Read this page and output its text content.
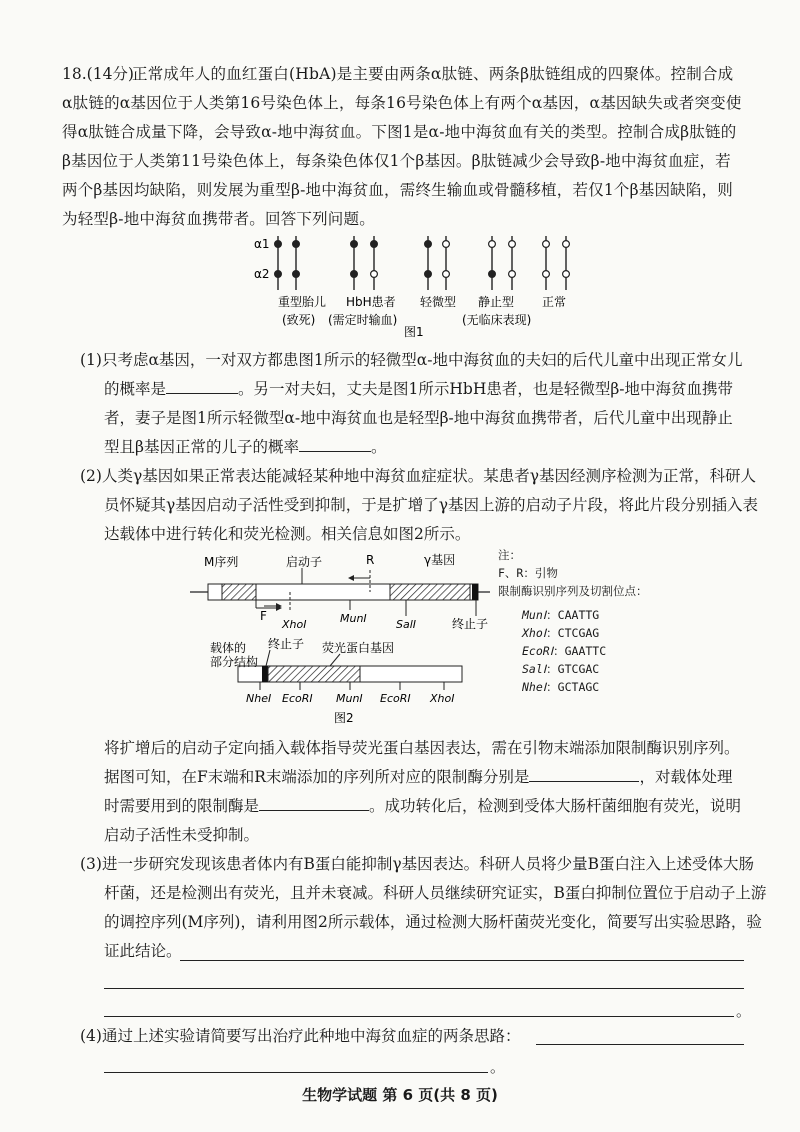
18.(14分)
正常成年人的血红蛋白(HbA)是主要由两条α肽链、两条β肽链组成的四聚体。控制合成α肽链的α基因位于人类第16号染色体上，每条16号染色体上有两个α基因，α基因缺失或者突变使得α肽链合成量下降，会导致α-地中海贫血。下图1是α-地中海贫血有关的类型。控制合成β肽链的β基因位于人类第11号染色体上，每条染色体仅1个β基因。β肽链减少会导致β-地中海贫血症，若两个β基因均缺陷，则发展为重型β-地中海贫血，需终生输血或骨髓移植，若仅1个β基因缺陷，则为轻型β-地中海贫血携带者。回答下列问题。
α1
α2
重型胎儿
(致死)
HbH患者
(需定时输血)
轻微型 静止型
(无临床表现)
正常
图1
(1)只考虑α基因，一对双方都患图1所示的轻微型α-地中海贫血的夫妇的后代儿童中出现正常女儿的概率是	。另一对夫妇，丈夫是图1所示HbH患者，也是轻微型β-地中海贫血携带者，妻子是图1所示轻微型α-地中海贫血也是轻型β-地中海贫血携带者，后代儿童中出现静止型且β基因正常的儿子的概率	。
(2)人类γ基因如果正常表达能减轻某种地中海贫血症症状。某患者γ基因经测序检测为正常，科研人员怀疑其γ基因启动子活性受到抑制，于是扩增了γ基因上游的启动子片段，将此片段分别插入表达载体中进行转化和荧光检测。相关信息如图2所示。
M序列	启动子	R	γ基因
F
XhoⅠ	MunⅠ	SalⅠ	终止子
载体的
部分结构
终止子 荧光蛋白基因
NheⅠ EcoRⅠ MunⅠ EcoRⅠ XhoⅠ
图2
注：
F、R：引物
限制酶识别序列及切割位点：
MunⅠ：CAATTG
XhoⅠ：CTCGAG
EcoRⅠ：GAATTC
SalⅠ：GTCGAC
NheⅠ：GCTAGC
将扩增后的启动子定向插入载体指导荧光蛋白基因表达，需在引物末端添加限制酶识别序列。据图可知，在F末端和R末端添加的序列所对应的限制酶分别是	，对载体处理时需要用到的限制酶是	。成功转化后，检测到受体大肠杆菌细胞有荧光，说明启动子活性未受抑制。
(3)进一步研究发现该患者体内有B蛋白能抑制γ基因表达。科研人员将少量B蛋白注入上述受体大肠杆菌，还是检测出有荧光，且并未衰减。科研人员继续研究证实，B蛋白抑制位置位于启动子上游的调控序列(M序列)，请利用图2所示载体，通过检测大肠杆菌荧光变化，简要写出实验思路，验证此结论。
。
(4)通过上述实验请简要写出治疗此种地中海贫血症的两条思路：
。
生物学试题 第 6 页(共 8 页)
